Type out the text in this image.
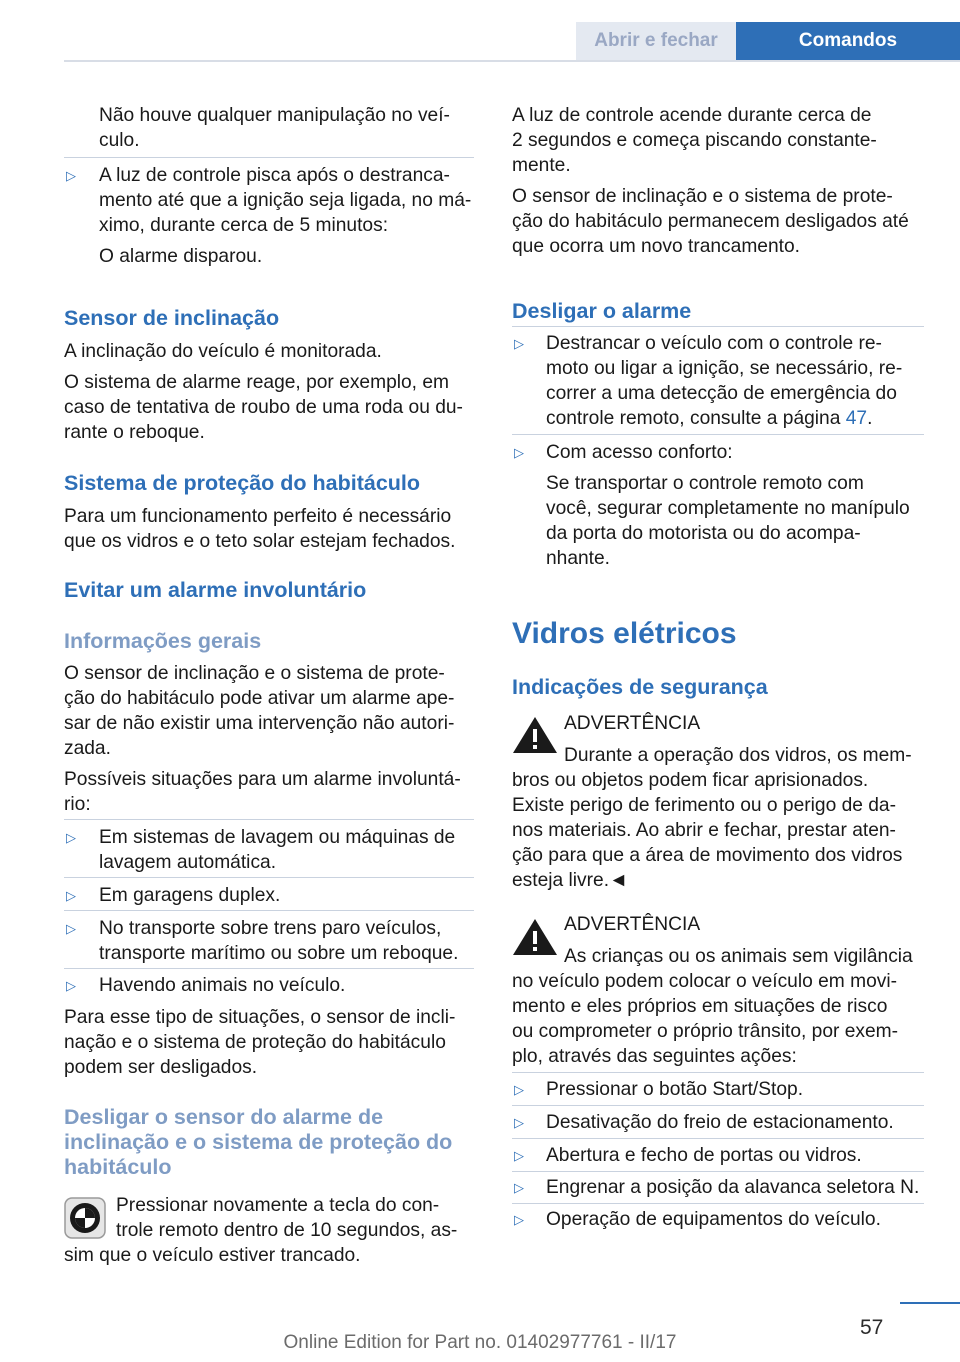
Abrir e fechar	Comandos

Não houve qualquer manipulação no veí-

culo.

▷ A luz de controle pisca após o destranca-

mento até que a ignição seja ligada, no má-

ximo, durante cerca de 5 minutos:

O alarme disparou.

Sensor de inclinação

A inclinação do veículo é monitorada.

O sistema de alarme reage, por exemplo, em

caso de tentativa de roubo de uma roda ou du-

rante o reboque.

Sistema de proteção do habitáculo

Para um funcionamento perfeito é necessário

que os vidros e o teto solar estejam fechados.

Evitar um alarme involuntário
Informações gerais

O sensor de inclinação e o sistema de prote-

ção do habitáculo pode ativar um alarme ape-

sar de não existir uma intervenção não autori-

zada.

Possíveis situações para um alarme involuntá-

rio:

▷ Em sistemas de lavagem ou máquinas de

lavagem automática.

▷ Em garagens duplex.

▷ No transporte sobre trens paro veículos,

transporte marítimo ou sobre um reboque.

▷ Havendo animais no veículo.

Para esse tipo de situações, o sensor de incli-

nação e o sistema de proteção do habitáculo

podem ser desligados.

Desligar o sensor do alarme de
inclinação e o sistema de proteção do
habitáculo

Pressionar novamente a tecla do con-

trole remoto dentro de 10 segundos, as-

sim que o veículo estiver trancado.

A luz de controle acende durante cerca de

2 segundos e começa piscando constante-

mente.

O sensor de inclinação e o sistema de prote-

ção do habitáculo permanecem desligados até

que ocorra um novo trancamento.

Desligar o alarme
▷ Destrancar o veículo com o controle re-

moto ou ligar a ignição, se necessário, re-

correr a uma detecção de emergência do

controle remoto, consulte a página 47.

▷ Com acesso conforto:

Se transportar o controle remoto com

você, segurar completamente no manípulo

da porta do motorista ou do acompa-

nhante.

Vidros elétricos
Indicações de segurança

ADVERTÊNCIA

Durante a operação dos vidros, os mem-

bros ou objetos podem ficar aprisionados.

Existe perigo de ferimento ou o perigo de da-

nos materiais. Ao abrir e fechar, prestar aten-

ção para que a área de movimento dos vidros

esteja livre.◄

ADVERTÊNCIA

As crianças ou os animais sem vigilância

no veículo podem colocar o veículo em movi-

mento e eles próprios em situações de risco

ou comprometer o próprio trânsito, por exem-

plo, através das seguintes ações:

▷ Pressionar o botão Start/Stop.

▷ Desativação do freio de estacionamento.

▷ Abertura e fecho de portas ou vidros.

▷ Engrenar a posição da alavanca seletora N.

▷ Operação de equipamentos do veículo.

57
Online Edition for Part no. 01402977761 - II/17
